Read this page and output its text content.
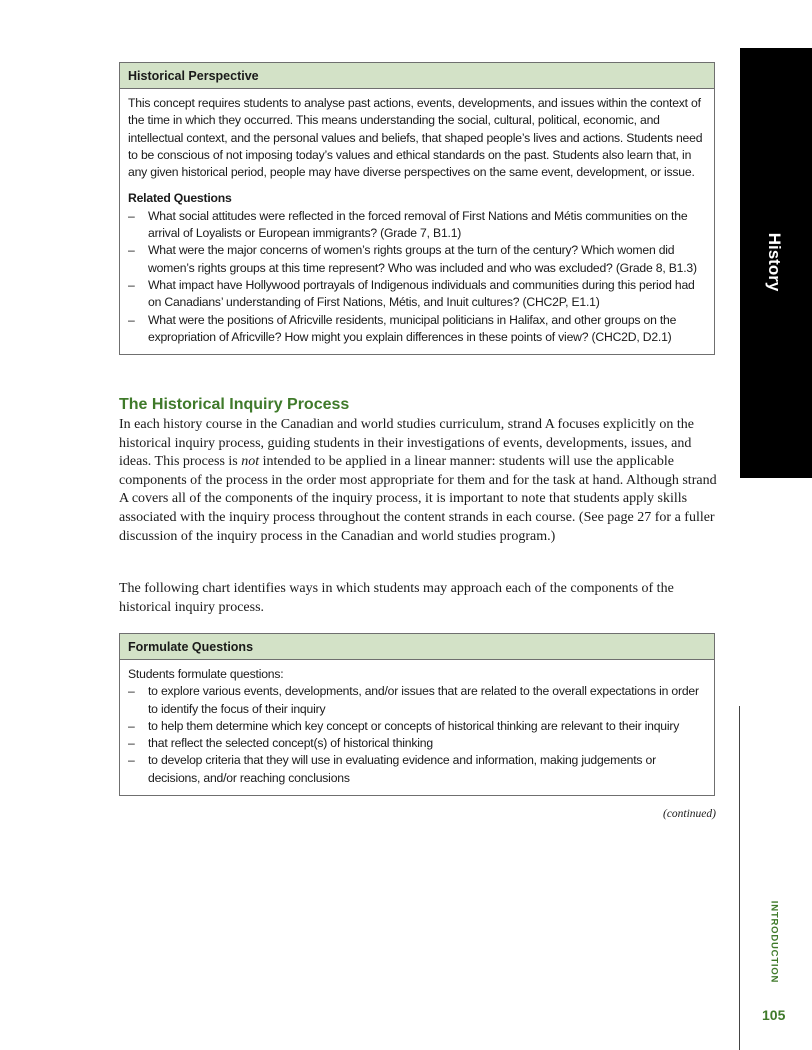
History
Historical Perspective

This concept requires students to analyse past actions, events, developments, and issues within the context of the time in which they occurred. This means understanding the social, cultural, political, economic, and intellectual context, and the personal values and beliefs, that shaped people’s lives and actions. Students need to be conscious of not imposing today’s values and ethical standards on the past. Students also learn that, in any given historical period, people may have diverse perspectives on the same event, development, or issue.

Related Questions

– What social attitudes were reflected in the forced removal of First Nations and Métis communities on the arrival of Loyalists or European immigrants? (Grade 7, B1.1)
– What were the major concerns of women’s rights groups at the turn of the century? Which women did women’s rights groups at this time represent? Who was included and who was excluded? (Grade 8, B1.3)
– What impact have Hollywood portrayals of Indigenous individuals and communities during this period had on Canadians’ understanding of First Nations, Métis, and Inuit cultures? (CHC2P, E1.1)
– What were the positions of Africville residents, municipal politicians in Halifax, and other groups on the expropriation of Africville? How might you explain differences in these points of view? (CHC2D, D2.1)
The Historical Inquiry Process

In each history course in the Canadian and world studies curriculum, strand A focuses explicitly on the historical inquiry process, guiding students in their investigations of events, developments, issues, and ideas. This process is not intended to be applied in a linear manner: students will use the applicable components of the process in the order most appropriate for them and for the task at hand. Although strand A covers all of the components of the inquiry process, it is important to note that students apply skills associated with the inquiry process throughout the content strands in each course. (See page 27 for a fuller discussion of the inquiry process in the Canadian and world studies program.)

The following chart identifies ways in which students may approach each of the components of the historical inquiry process.

Formulate Questions

Students formulate questions:

– to explore various events, developments, and/or issues that are related to the overall expectations in order to identify the focus of their inquiry
– to help them determine which key concept or concepts of historical thinking are relevant to their inquiry
– that reflect the selected concept(s) of historical thinking
– to develop criteria that they will use in evaluating evidence and information, making judgements or decisions, and/or reaching conclusions
(continued)
INTRODUCTION
105
